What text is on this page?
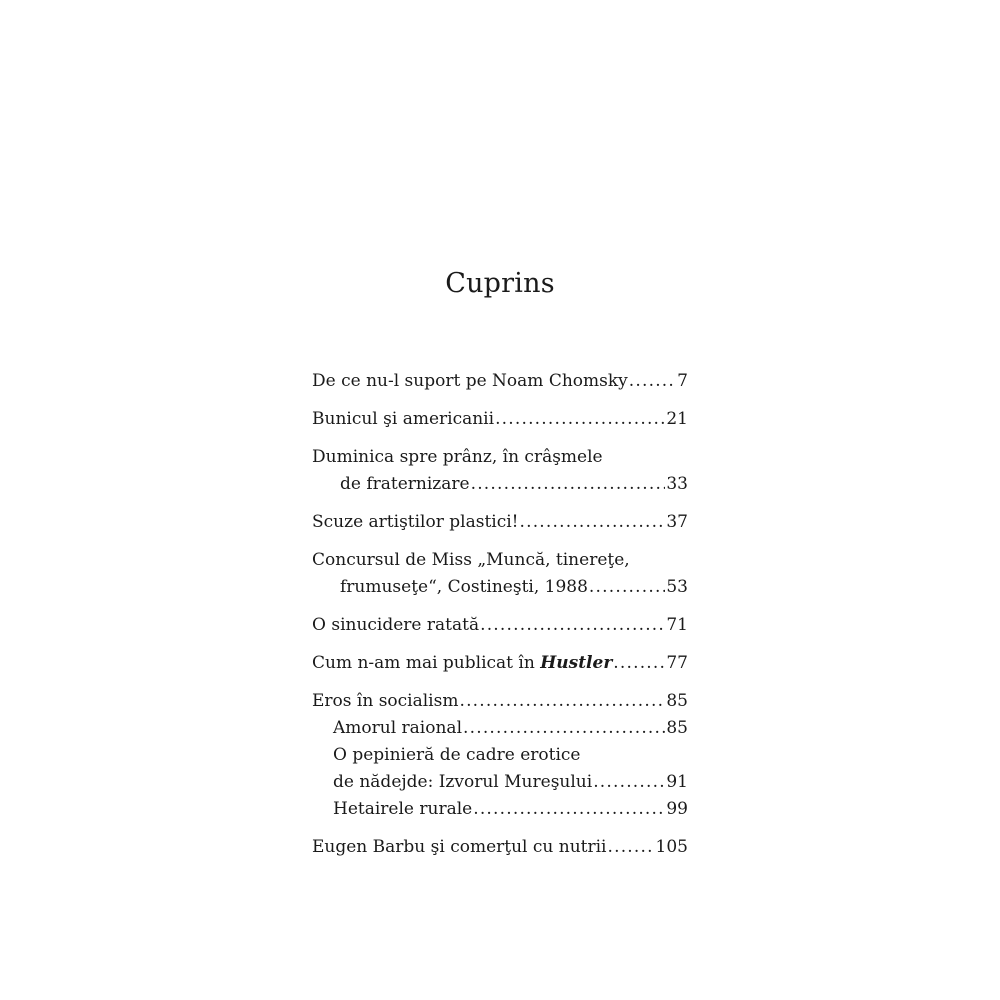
Cuprins
De ce nu-l suport pe Noam Chomsky .....	7
Bunicul şi americanii .....	21
Duminica spre prânz, în crâşmele
de fraternizare .....	33
Scuze artiştilor plastici! .....	37
Concursul de Miss „Muncă, tinereţe,
frumuseţe“, Costineşti, 1988 .....	53
O sinucidere ratată .....	71
Cum n-am mai publicat în Hustler .....	77
Eros în socialism .....	85
Amorul raional .....	85
O pepinieră de cadre erotice
de nădejde: Izvorul Mureşului .....	91
Hetairele rurale .....	99
Eugen Barbu şi comerţul cu nutrii .....	105
